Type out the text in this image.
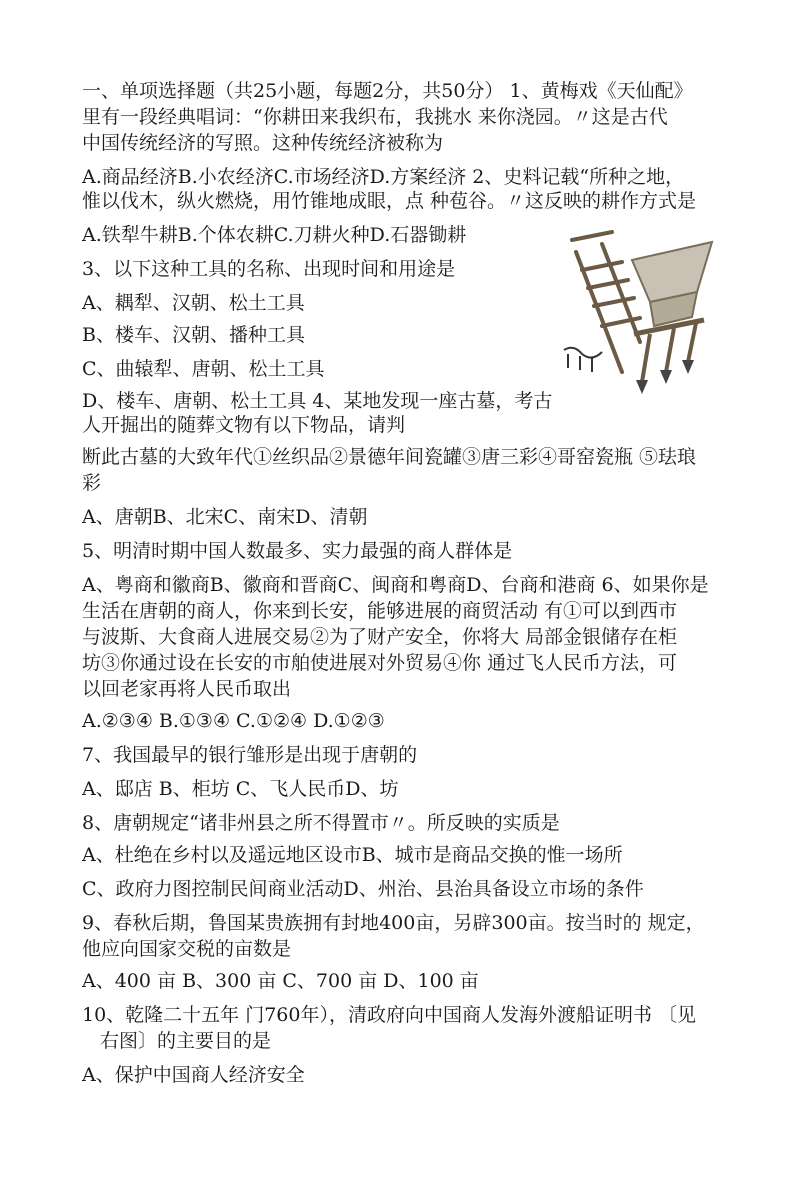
一、单项选择题（共25小题，每题2分，共50分） 1、黄梅戏《天仙配》
里有一段经典唱词：“你耕田来我织布，我挑水 来你浇园。〃这是古代
中国传统经济的写照。这种传统经济被称为
A.商品经济B.小农经济C.市场经济D.方案经济 2、史料记载“所种之地，
惟以伐木，纵火燃烧，用竹锥地成眼，点 种苞谷。〃这反映的耕作方式是
A.铁犁牛耕B.个体农耕C.刀耕火种D.石器锄耕
3、以下这种工具的名称、出现时间和用途是
A、耦犁、汉朝、松土工具
B、楼车、汉朝、播种工具
C、曲辕犁、唐朝、松土工具
D、楼车、唐朝、松土工具 4、某地发现一座古墓，考古
人开掘出的随葬文物有以下物品，请判
断此古墓的大致年代①丝织品②景德年间瓷罐③唐三彩④哥窑瓷瓶 ⑤珐琅
彩
A、唐朝B、北宋C、南宋D、清朝
5、明清时期中国人数最多、实力最强的商人群体是
A、粤商和徽商B、徽商和晋商C、闽商和粤商D、台商和港商 6、如果你是
生活在唐朝的商人，你来到长安，能够进展的商贸活动 有①可以到西市
与波斯、大食商人进展交易②为了财产安全，你将大 局部金银储存在柜
坊③你通过设在长安的市舶使进展对外贸易④你 通过飞人民币方法，可
以回老家再将人民币取出
A.②③④ B.①③④ C.①②④ D.①②③
7、我国最早的银行雏形是出现于唐朝的
A、邸店 B、柜坊 C、飞人民币D、坊
8、唐朝规定“诸非州县之所不得置市〃。所反映的实质是
A、杜绝在乡村以及遥远地区设市B、城市是商品交换的惟一场所
C、政府力图控制民间商业活动D、州治、县治具备设立市场的条件
9、春秋后期，鲁国某贵族拥有封地400亩，另辟300亩。按当时的 规定，
他应向国家交税的亩数是
A、400 亩 B、300 亩 C、700 亩 D、100 亩
10、乾隆二十五年 门760年），清政府向中国商人发海外渡船证明书 〔见
右图〕的主要目的是
A、保护中国商人经济安全
